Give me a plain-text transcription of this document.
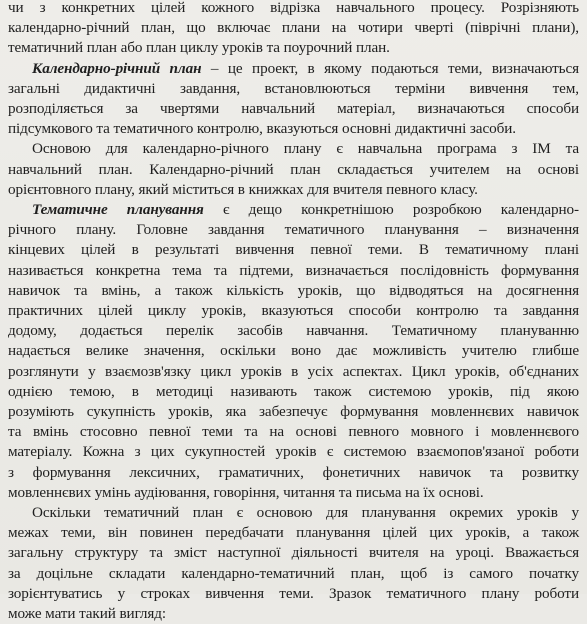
чи з конкретних цілей кожного відрізка навчального процесу. Розрізняють

календарно-річний план, що включає плани на чотири чверті (піврічні плани),

тематичний план або план циклу уроків та поурочний план.

Календарно-річний план – це проект, в якому подаються теми, визначаються

загальні дидактичні завдання, встановлюються терміни вивчення тем,

розподіляється за чвертями навчальний матеріал, визначаються способи

підсумкового та тематичного контролю, вказуються основні дидактичні засоби.

Основою для календарно-річного плану є навчальна програма з ІМ та

навчальний план. Календарно-річний план складається учителем на основі

орієнтовного плану, який міститься в книжках для вчителя певного класу.

Тематичне планування є дещо конкретнішою розробкою календарно-

річного плану. Головне завдання тематичного планування – визначення

кінцевих цілей в результаті вивчення певної теми. В тематичному плані

називається конкретна тема та підтеми, визначається послідовність формування

навичок та вмінь, а також кількість уроків, що відводяться на досягнення

практичних цілей циклу уроків, вказуються способи контролю та завдання

додому, додається перелік засобів навчання. Тематичному плануванню

надається велике значення, оскільки воно дає можливість учителю глибше

розглянути у взаємозв'язку цикл уроків в усіх аспектах. Цикл уроків, об'єднаних

однією темою, в методиці називають також системою уроків, під якою

розуміють сукупність уроків, яка забезпечує формування мовленнєвих навичок

та вмінь стосовно певної теми та на основі певного мовного і мовленнєвого

матеріалу. Кожна з цих сукупностей уроків є системою взаємопов'язаної роботи

з формування лексичних, граматичних, фонетичних навичок та розвитку

мовленнєвих умінь аудіювання, говоріння, читання та письма на їх основі.

Оскільки тематичний план є основою для планування окремих уроків у

межах теми, він повинен передбачати планування цілей цих уроків, а також

загальну структуру та зміст наступної діяльності вчителя на уроці. Вважається

за доцільне складати календарно-тематичний план, щоб із самого початку

зорієнтуватись у строках вивчення теми. Зразок тематичного плану роботи

може мати такий вигляд:
